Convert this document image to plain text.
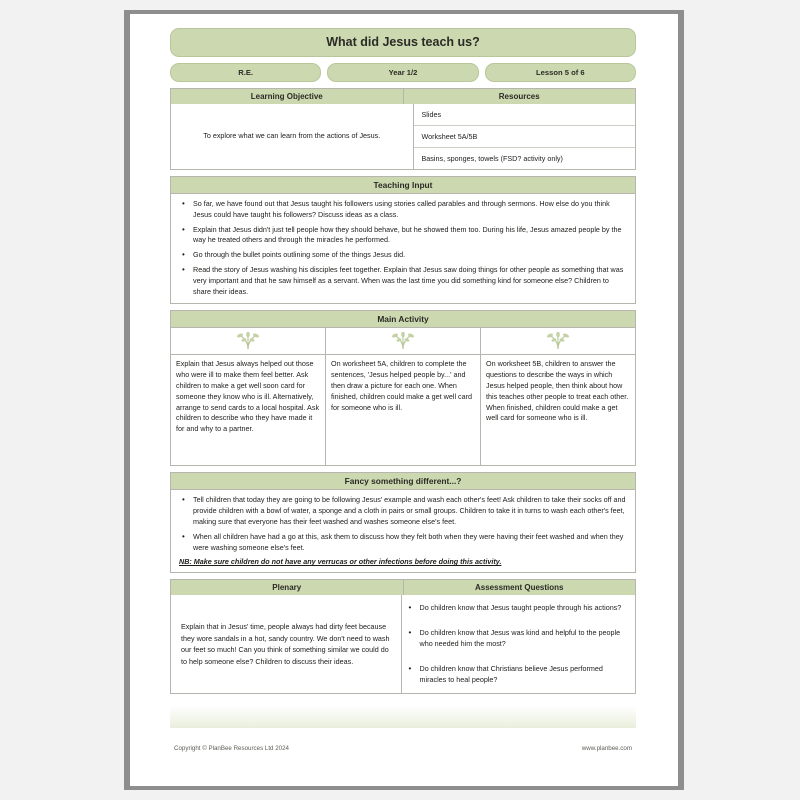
What did Jesus teach us?
R.E.	Year 1/2	Lesson 5 of 6
Learning Objective	Resources
To explore what we can learn from the actions of Jesus.
Slides
Worksheet 5A/5B
Basins, sponges, towels (FSD? activity only)
Teaching Input
• So far, we have found out that Jesus taught his followers using stories called parables and through sermons. How else do you think Jesus could have taught his followers? Discuss ideas as a class.
• Explain that Jesus didn't just tell people how they should behave, but he showed them too. During his life, Jesus amazed people by the way he treated others and through the miracles he performed.
• Go through the bullet points outlining some of the things Jesus did.
• Read the story of Jesus washing his disciples feet together. Explain that Jesus saw doing things for other people as something that was very important and that he saw himself as a servant. When was the last time you did something kind for someone else? Children to share their ideas.
Main Activity
Explain that Jesus always helped out those who were ill to make them feel better. Ask children to make a get well soon card for someone they know who is ill. Alternatively, arrange to send cards to a local hospital. Ask children to describe who they have made it for and why to a partner.
On worksheet 5A, children to complete the sentences, 'Jesus helped people by...' and then draw a picture for each one. When finished, children could make a get well card for someone who is ill.
On worksheet 5B, children to answer the questions to describe the ways in which Jesus helped people, then think about how this teaches other people to treat each other. When finished, children could make a get well card for someone who is ill.
Fancy something different...?
• Tell children that today they are going to be following Jesus' example and wash each other's feet! Ask children to take their socks off and provide children with a bowl of water, a sponge and a cloth in pairs or small groups. Children to take it in turns to wash each other's feet, making sure that everyone has their feet washed and washes someone else's feet.
• When all children have had a go at this, ask them to discuss how they felt both when they were having their feet washed and when they were washing someone else's feet.
NB: Make sure children do not have any verrucas or other infections before doing this activity.
Plenary	Assessment Questions
Explain that in Jesus' time, people always had dirty feet because they wore sandals in a hot, sandy country. We don't need to wash our feet so much! Can you think of something similar we could do to help someone else? Children to discuss their ideas.
• Do children know that Jesus taught people through his actions?
• Do children know that Jesus was kind and helpful to the people who needed him the most?
• Do children know that Christians believe Jesus performed miracles to heal people?
Copyright © PlanBee Resources Ltd 2024	www.planbee.com
